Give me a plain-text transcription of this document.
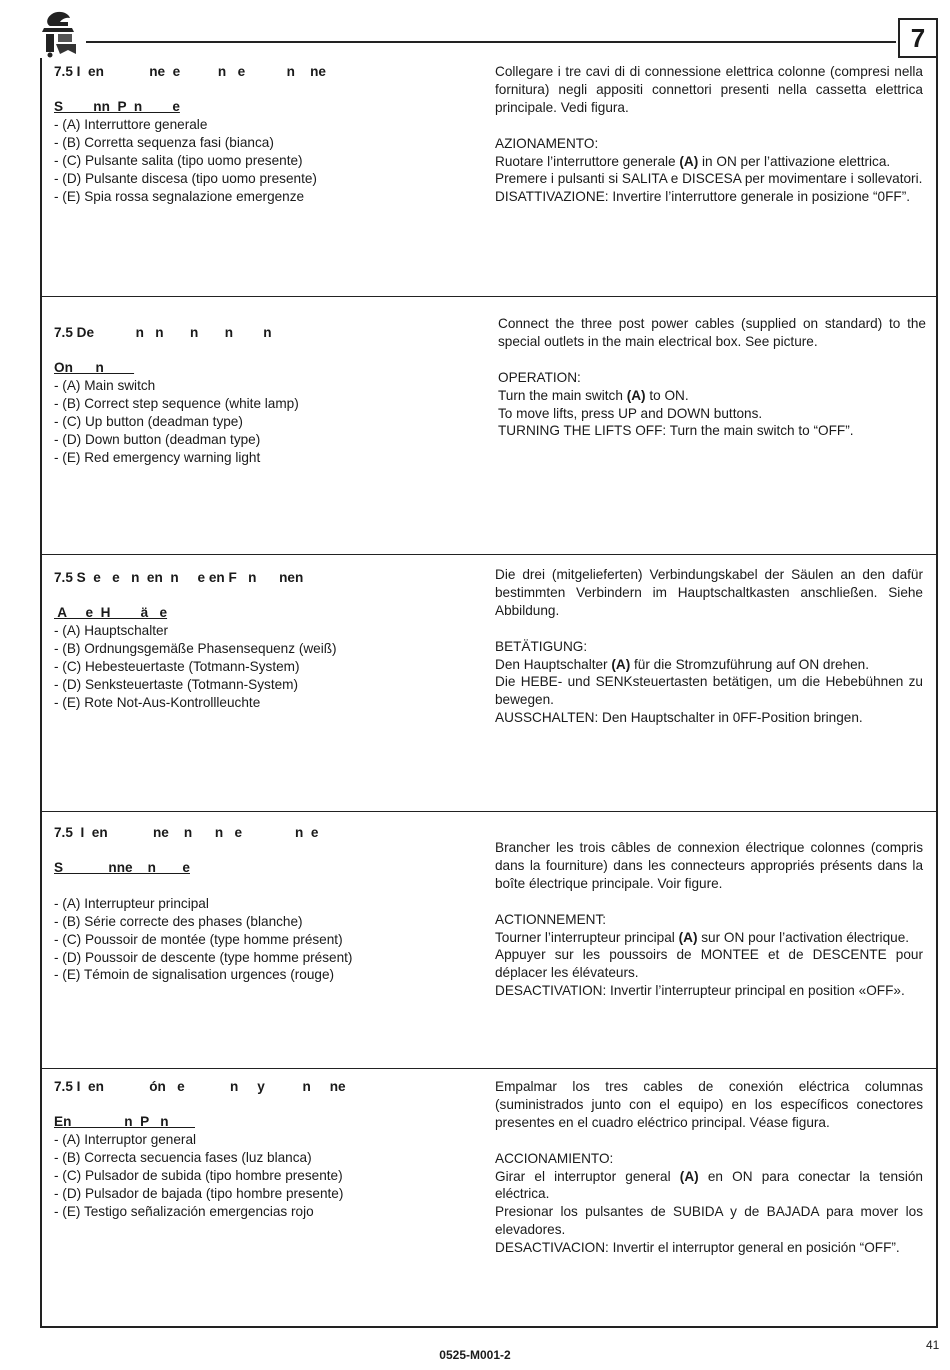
7
7.5 I  en            ne  e          n   e           n    ne
S        nn  P  n        e
- (A) Interruttore generale
- (B) Corretta sequenza fasi (bianca)
- (C) Pulsante salita (tipo uomo presente)
- (D) Pulsante discesa (tipo uomo presente)
- (E) Spia rossa segnalazione emergenze

Collegare i tre cavi di di connessione elettrica colonne (compresi nella fornitura) negli appositi connettori presenti nella cassetta elettrica principale. Vedi figura.

AZIONAMENTO:

Ruotare l’interruttore generale (A) in ON per l’attivazione elettrica.

Premere i pulsanti si SALITA e DISCESA per movimentare i sollevatori.

DISATTIVAZIONE: Invertire l’interruttore generale in posizione “0FF”.

7.5 De           n   n       n       n        n
On      n
- (A) Main switch
- (B) Correct step sequence (white lamp)
- (C) Up button (deadman type)
- (D) Down button (deadman type)
- (E) Red emergency warning light

Connect the three post power cables (supplied on standard) to the special outlets in the main electrical box. See picture.

OPERATION:

Turn the main switch (A) to ON.

To move lifts, press UP and DOWN buttons.

TURNING THE LIFTS OFF: Turn the main switch to “OFF”.

7.5 S  e   e   n  en  n     e en F   n      nen
A     e  H        ä   e
- (A) Hauptschalter
- (B) Ordnungsgemäße Phasensequenz (weiß)
- (C) Hebesteuertaste (Totmann-System)
- (D) Senksteuertaste (Totmann-System)
- (E) Rote Not-Aus-Kontrollleuchte

Die drei (mitgelieferten) Verbindungskabel der Säulen an den dafür bestimmten Verbindern im Hauptschaltkasten anschließen. Siehe Abbildung.

BETÄTIGUNG:

Den Hauptschalter (A) für die Stromzuführung auf ON drehen.

Die HEBE- und SENKsteuertasten betätigen, um die Hebebühnen zu bewegen.

AUSSCHALTEN: Den Hauptschalter in 0FF-Position bringen.

7.5  I  en            ne    n      n   e              n  e
S            nne    n       e
- (A) Interrupteur principal
- (B) Série correcte des phases (blanche)
- (C) Poussoir de montée (type homme présent)
- (D) Poussoir de descente (type homme présent)
- (E) Témoin de signalisation urgences (rouge)

Brancher les trois câbles de connexion électrique colonnes (compris dans la fourniture) dans les connecteurs appropriés présents dans la boîte électrique principale. Voir figure.

ACTIONNEMENT:

Tourner l’interrupteur principal (A) sur ON pour l’activation électrique.

Appuyer sur les poussoirs de MONTEE et de DESCENTE pour déplacer les élévateurs.

DESACTIVATION: Invertir l’interrupteur principal en position «OFF».

7.5 I  en            ón   e            n     y          n     ne
En              n  P   n
- (A) Interruptor general
- (B) Correcta secuencia fases (luz blanca)
- (C) Pulsador de subida (tipo hombre presente)
- (D) Pulsador de bajada (tipo hombre presente)
- (E) Testigo señalización emergencias rojo

Empalmar los tres cables de conexión eléctrica columnas (suministrados junto con el equipo) en los específicos conectores presentes en el cuadro eléctrico principal. Véase figura.

ACCIONAMIENTO:

Girar el interruptor general (A) en ON para conectar la tensión eléctrica.

Presionar los pulsantes de SUBIDA y de BAJADA para mover los elevadores.

DESACTIVACION: Invertir el interruptor general en posición “OFF”.

41
0525-M001-2
